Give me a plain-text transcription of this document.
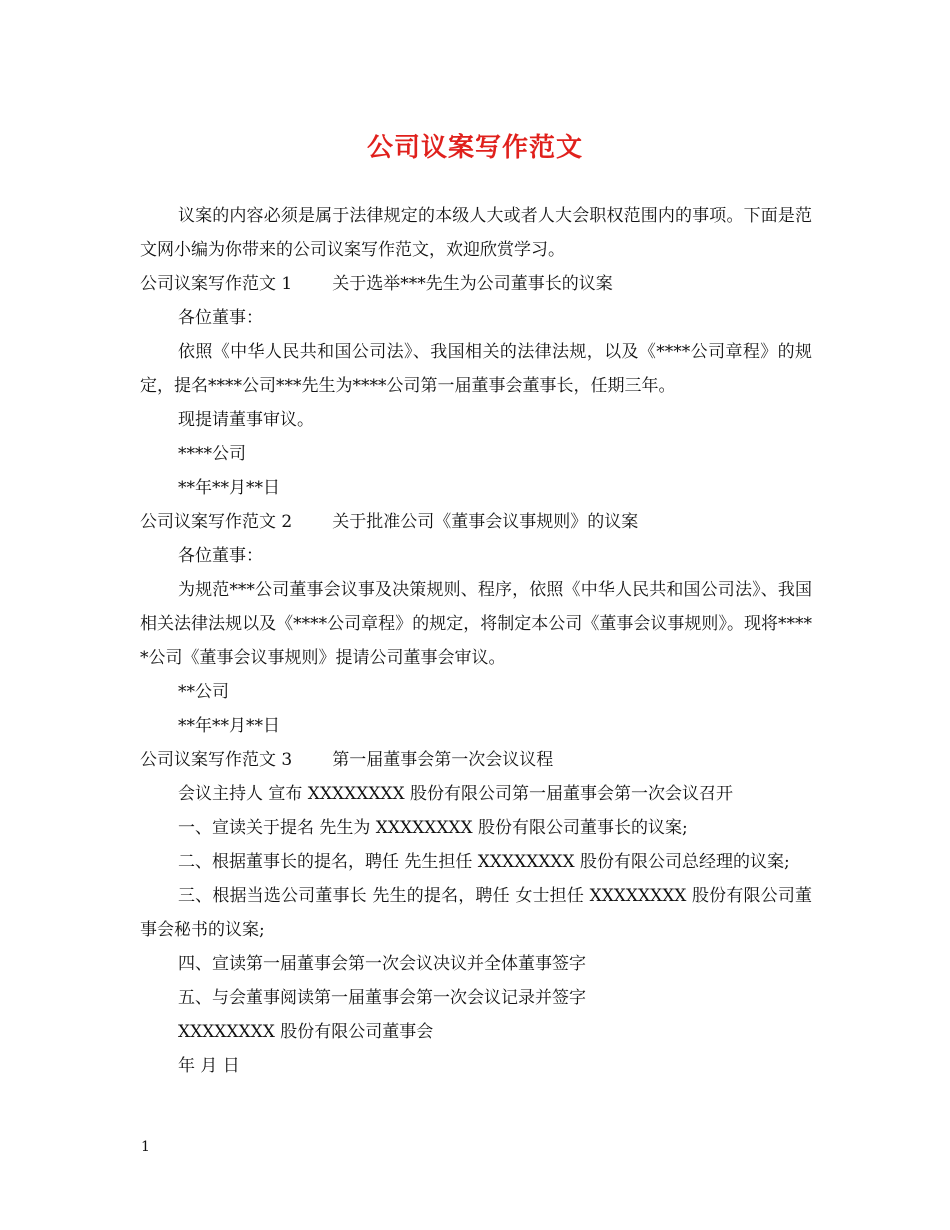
公司议案写作范文

议案的内容必须是属于法律规定的本级人大或者人大会职权范围内的事项。下面是范文网小编为你带来的公司议案写作范文，欢迎欣赏学习。

公司议案写作范文 1 关于选举***先生为公司董事长的议案

各位董事：

依照《中华人民共和国公司法》、我国相关的法律法规，以及《****公司章程》的规定，提名****公司***先生为****公司第一届董事会董事长，任期三年。

现提请董事审议。

****公司

**年**月**日

公司议案写作范文 2 关于批准公司《董事会议事规则》的议案

各位董事：

为规范***公司董事会议事及决策规则、程序，依照《中华人民共和国公司法》、我国相关法律法规以及《****公司章程》的规定，将制定本公司《董事会议事规则》。现将*****公司《董事会议事规则》提请公司董事会审议。

**公司

**年**月**日

公司议案写作范文 3 第一届董事会第一次会议议程

会议主持人 宣布 XXXXXXXX 股份有限公司第一届董事会第一次会议召开

一、宣读关于提名 先生为 XXXXXXXX 股份有限公司董事长的议案;

二、根据董事长的提名，聘任 先生担任 XXXXXXXX 股份有限公司总经理的议案;

三、根据当选公司董事长 先生的提名，聘任 女士担任 XXXXXXXX 股份有限公司董事会秘书的议案;

四、宣读第一届董事会第一次会议决议并全体董事签字

五、与会董事阅读第一届董事会第一次会议记录并签字

XXXXXXXX 股份有限公司董事会

年 月 日

1
